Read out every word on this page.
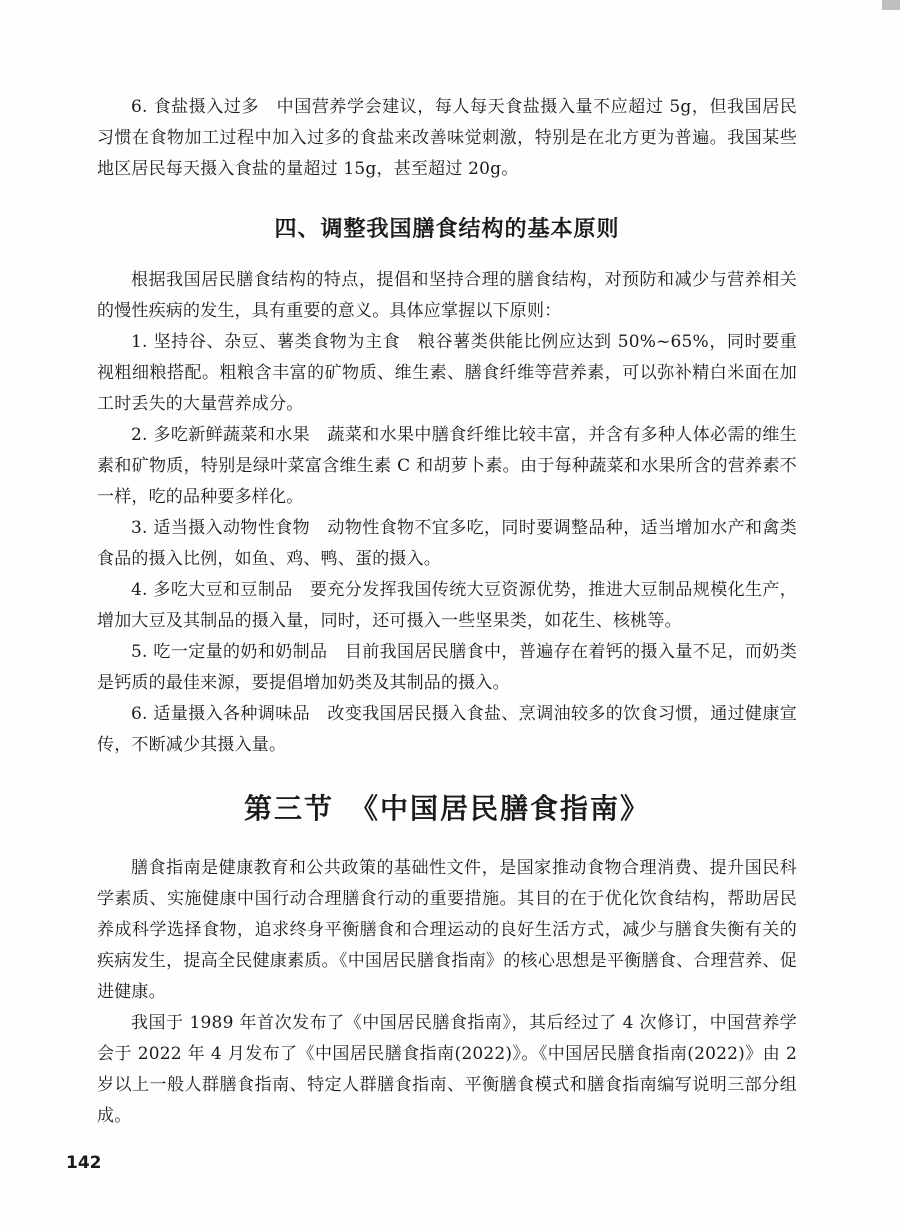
6. 食盐摄入过多　中国营养学会建议，每人每天食盐摄入量不应超过 5g，但我国居民习惯在食物加工过程中加入过多的食盐来改善味觉刺激，特别是在北方更为普遍。我国某些地区居民每天摄入食盐的量超过 15g，甚至超过 20g。

四、调整我国膳食结构的基本原则

根据我国居民膳食结构的特点，提倡和坚持合理的膳食结构，对预防和减少与营养相关的慢性疾病的发生，具有重要的意义。具体应掌握以下原则：

1. 坚持谷、杂豆、薯类食物为主食　粮谷薯类供能比例应达到 50%~65%，同时要重视粗细粮搭配。粗粮含丰富的矿物质、维生素、膳食纤维等营养素，可以弥补精白米面在加工时丢失的大量营养成分。

2. 多吃新鲜蔬菜和水果　蔬菜和水果中膳食纤维比较丰富，并含有多种人体必需的维生素和矿物质，特别是绿叶菜富含维生素 C 和胡萝卜素。由于每种蔬菜和水果所含的营养素不一样，吃的品种要多样化。

3. 适当摄入动物性食物　动物性食物不宜多吃，同时要调整品种，适当增加水产和禽类食品的摄入比例，如鱼、鸡、鸭、蛋的摄入。

4. 多吃大豆和豆制品　要充分发挥我国传统大豆资源优势，推进大豆制品规模化生产，增加大豆及其制品的摄入量，同时，还可摄入一些坚果类，如花生、核桃等。

5. 吃一定量的奶和奶制品　目前我国居民膳食中，普遍存在着钙的摄入量不足，而奶类是钙质的最佳来源，要提倡增加奶类及其制品的摄入。

6. 适量摄入各种调味品　改变我国居民摄入食盐、烹调油较多的饮食习惯，通过健康宣传，不断减少其摄入量。

第三节　《中国居民膳食指南》

膳食指南是健康教育和公共政策的基础性文件，是国家推动食物合理消费、提升国民科学素质、实施健康中国行动合理膳食行动的重要措施。其目的在于优化饮食结构，帮助居民养成科学选择食物，追求终身平衡膳食和合理运动的良好生活方式，减少与膳食失衡有关的疾病发生，提高全民健康素质。《中国居民膳食指南》的核心思想是平衡膳食、合理营养、促进健康。

我国于 1989 年首次发布了《中国居民膳食指南》，其后经过了 4 次修订，中国营养学会于 2022 年 4 月发布了《中国居民膳食指南(2022)》。《中国居民膳食指南(2022)》由 2 岁以上一般人群膳食指南、特定人群膳食指南、平衡膳食模式和膳食指南编写说明三部分组成。

142
